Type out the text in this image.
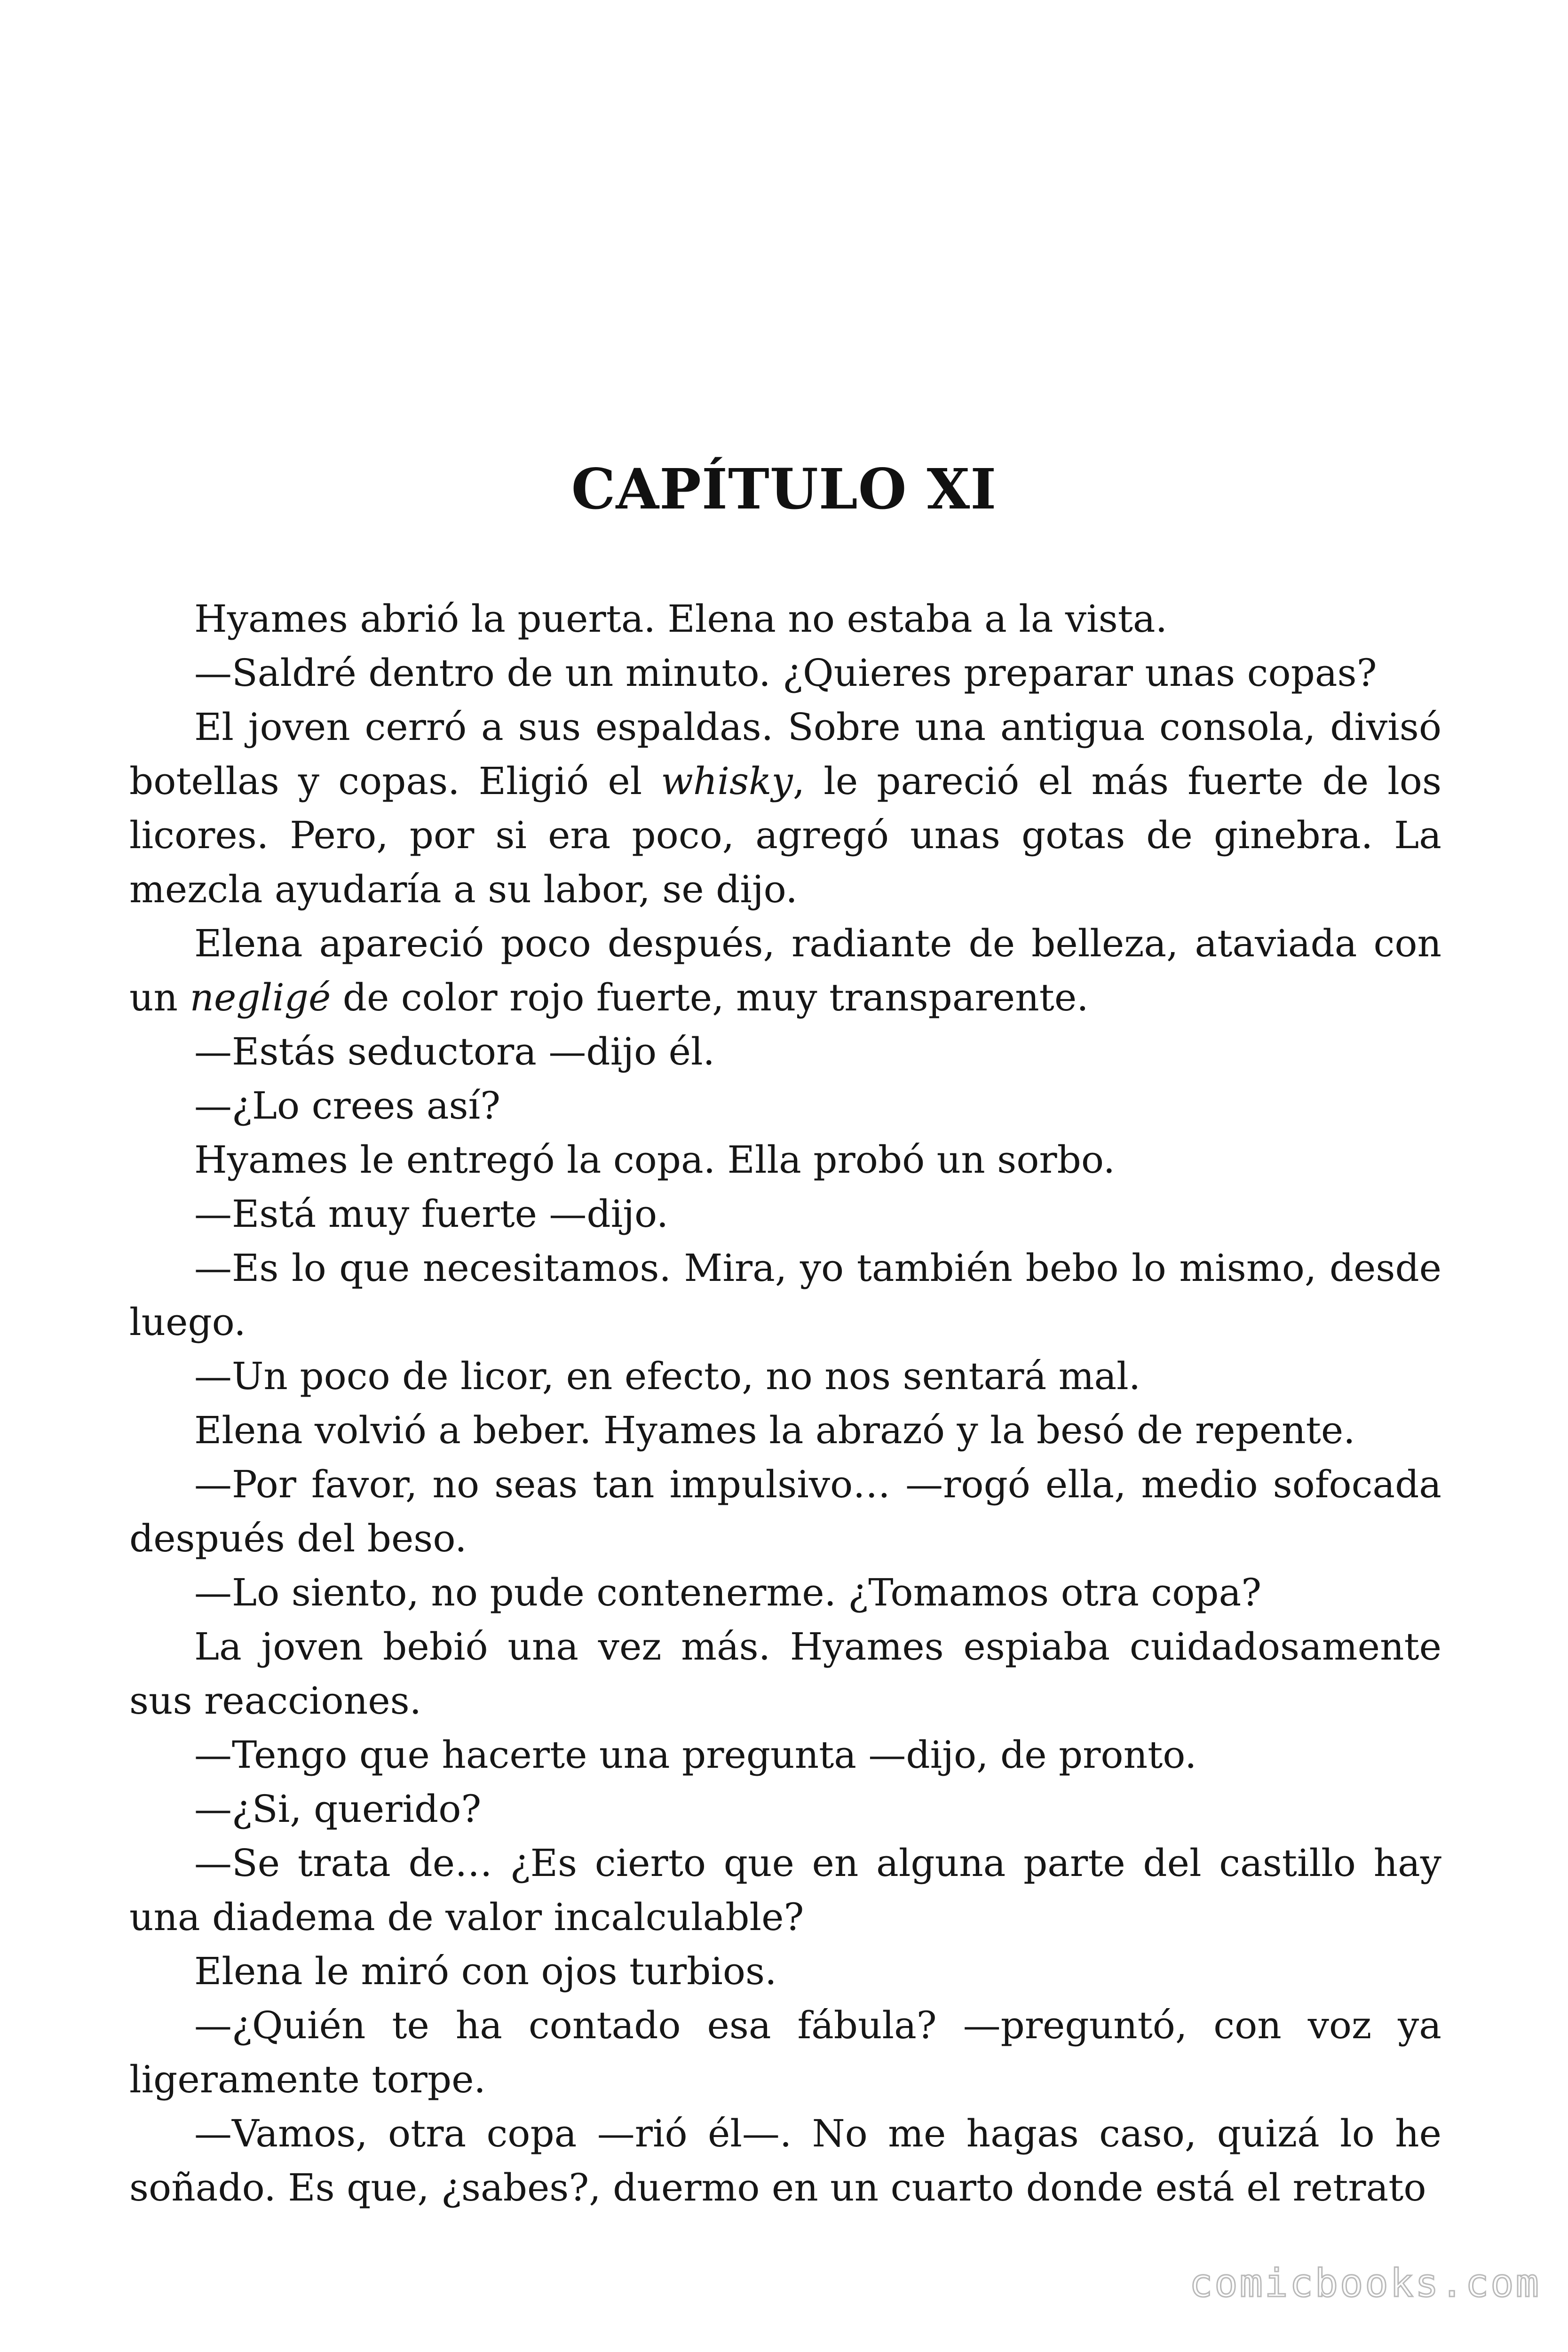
CAPÍTULO XI

Hyames abrió la puerta. Elena no estaba a la vista.

—Saldré dentro de un minuto. ¿Quieres preparar unas copas?

El joven cerró a sus espaldas. Sobre una antigua consola, divisó botellas y copas. Eligió el whisky, le pareció el más fuerte de los licores. Pero, por si era poco, agregó unas gotas de ginebra. La mezcla ayudaría a su labor, se dijo.

Elena apareció poco después, radiante de belleza, ataviada con un negligé de color rojo fuerte, muy transparente.

—Estás seductora —dijo él.

—¿Lo crees así?

Hyames le entregó la copa. Ella probó un sorbo.

—Está muy fuerte —dijo.

—Es lo que necesitamos. Mira, yo también bebo lo mismo, desde luego.

—Un poco de licor, en efecto, no nos sentará mal.

Elena volvió a beber. Hyames la abrazó y la besó de repente.

—Por favor, no seas tan impulsivo… —rogó ella, medio sofocada después del beso.

—Lo siento, no pude contenerme. ¿Tomamos otra copa?

La joven bebió una vez más. Hyames espiaba cuidadosamente sus reacciones.

—Tengo que hacerte una pregunta —dijo, de pronto.

—¿Si, querido?

—Se trata de… ¿Es cierto que en alguna parte del castillo hay una diadema de valor incalculable?

Elena le miró con ojos turbios.

—¿Quién te ha contado esa fábula? —preguntó, con voz ya ligeramente torpe.

—Vamos, otra copa —rió él—. No me hagas caso, quizá lo he soñado. Es que, ¿sabes?, duermo en un cuarto donde está el retrato

comicbooks.com
